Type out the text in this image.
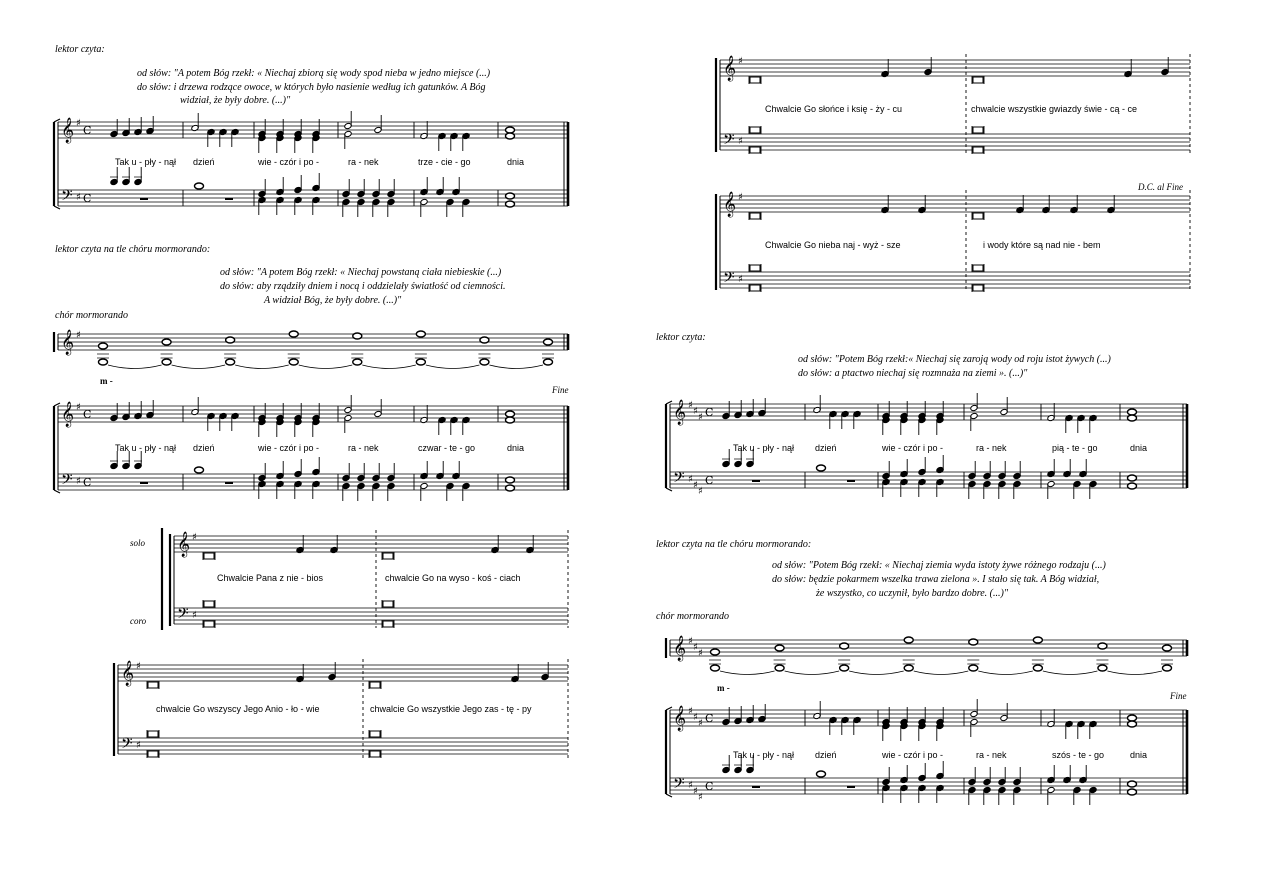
lektor czyta:
od słów: "A potem Bóg rzekł: « Niechaj zbiorą się wody spod nieba w jedno miejsce (...)
do słów: i drzewa rodzące owoce, w których było nasienie według ich gatunków. A Bóg
widział, że były dobre. (...)"
lektor czyta na tle chóru mormorando:
od słów: "A potem Bóg rzekł: « Niechaj powstaną ciała niebieskie (...)
do słów: aby rządziły dniem i nocą i oddzielały światłość od ciemności.
A widział Bóg, że były dobre. (...)"
chór mormorando
m -
Fine
solo
coro
Tak u - pły - nął dzień	wie - czór i po -	ra - nek	trze - cie - go	dnia
Tak u - pły - nął dzień	wie - czór i po -	ra - nek	czwar - te - go	dnia
Chwalcie Pana z nie - bios	chwalcie Go na wyso - koś - ciach
chwalcie Go wszyscy Jego Anio - ło - wie	chwalcie Go wszystkie Jego zas - tę - py
Chwalcie Go słońce i księ - ży - cu	chwalcie wszystkie gwiazdy świe - cą - ce
D.C. al Fine
Chwalcie Go nieba naj - wyż - sze	i wody które są nad nie - bem
lektor czyta:
od słów: "Potem Bóg rzekł:« Niechaj się zaroją wody od roju istot żywych (...)
do słów: a ptactwo niechaj się rozmnaża na ziemi ». (...)"
Tak u - pły - nął dzień	wie - czór i po -	ra - nek	pią - te - go	dnia
lektor czyta na tle chóru mormorando:
od słów: "Potem Bóg rzekł: « Niechaj ziemia wyda istoty żywe różnego rodzaju (...)
do słów: będzie pokarmem wszelka trawa zielona ». I stało się tak. A Bóg widział,
że wszystko, co uczynił, było bardzo dobre. (...)"
chór mormorando
m -
Fine
Tak u - pły - nął dzień	wie - czór i po -	ra - nek	szós - te - go	dnia
𝄞
𝄢
♯
♯
C
C
𝄞 ♯
𝄞
𝄢
♯
♯
C
C
𝄞
𝄢
♯
♯
𝄞
𝄢
♯
♯
𝄞
𝄢
♯
♯
𝄞
𝄢
♯
♯
𝄞
𝄢
♯
♯
♯
♯
♯
♯
C
C
𝄞 ♯
♯
♯
𝄞
𝄢
♯
♯
♯
♯
♯
♯
C
C
